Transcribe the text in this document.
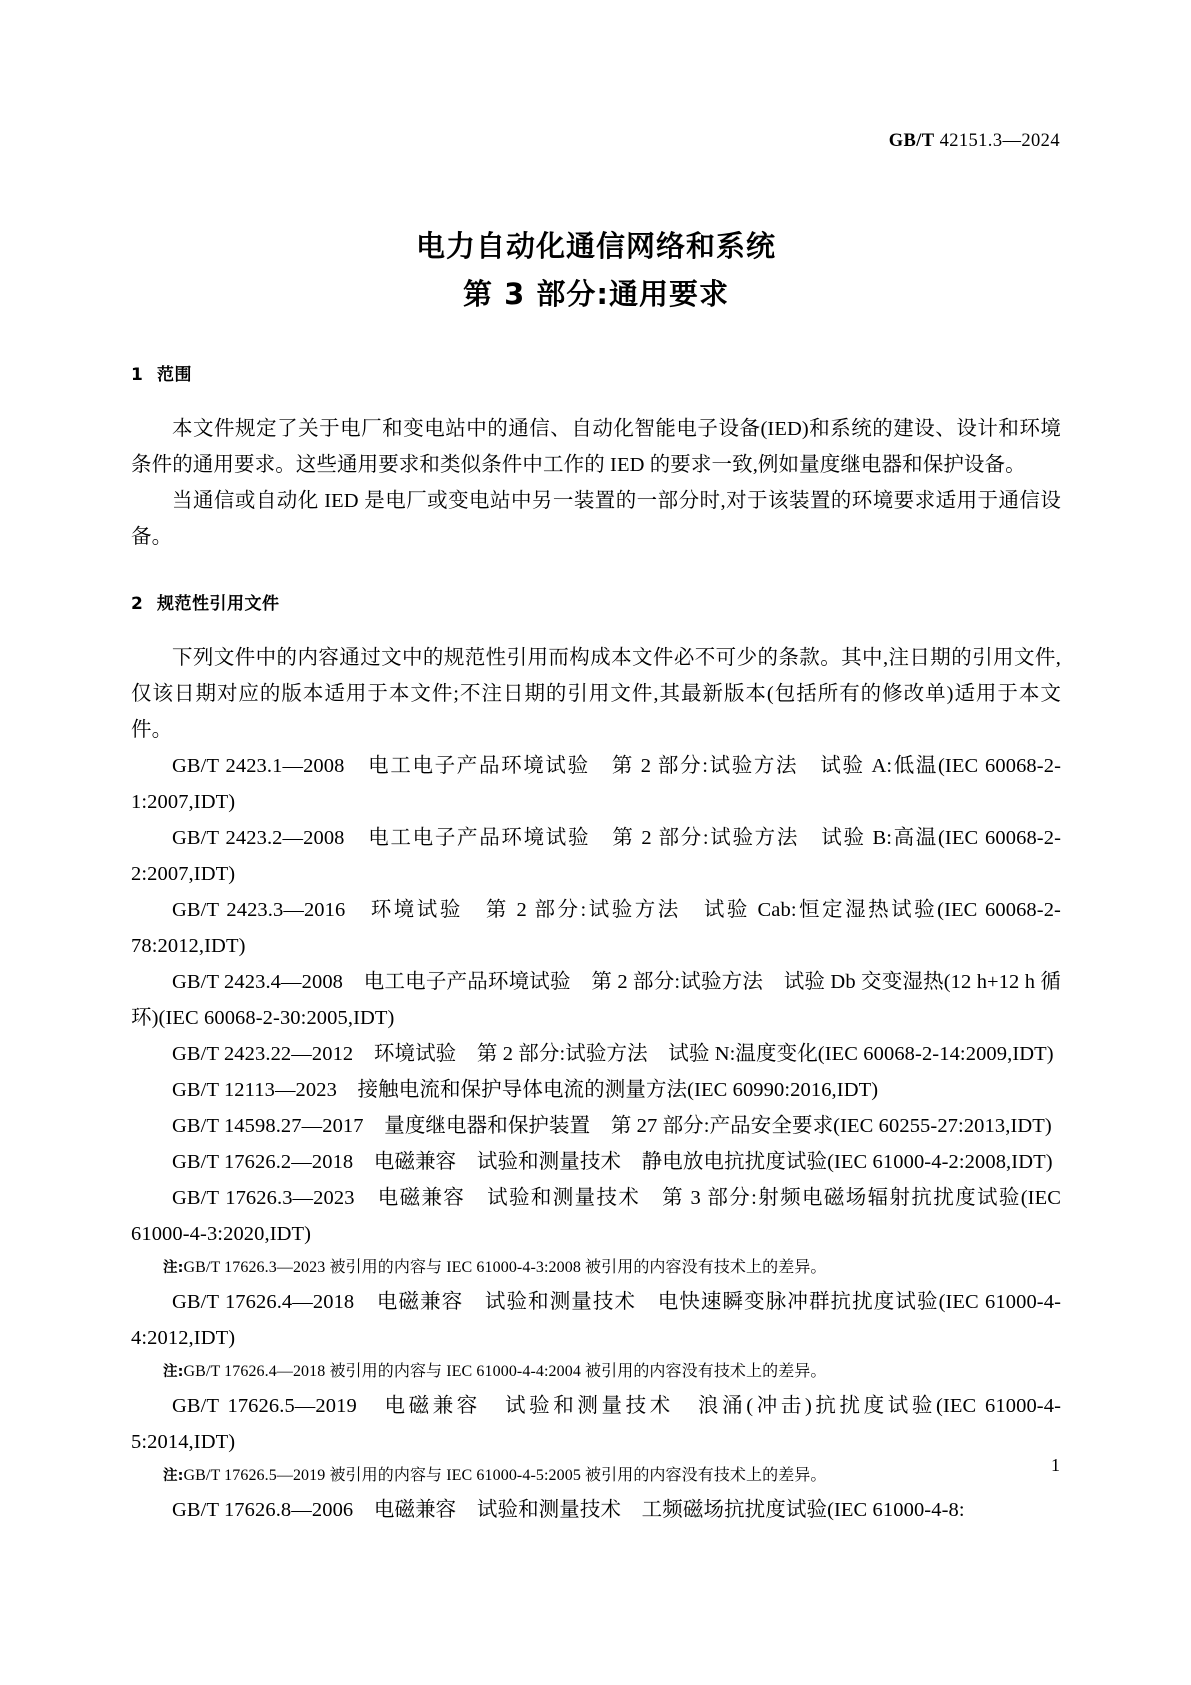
GB/T 42151.3—2024
电力自动化通信网络和系统
第 3 部分:通用要求
1 范围

本文件规定了关于电厂和变电站中的通信、自动化智能电子设备(IED)和系统的建设、设计和环境条件的通用要求。这些通用要求和类似条件中工作的 IED 的要求一致,例如量度继电器和保护设备。

当通信或自动化 IED 是电厂或变电站中另一装置的一部分时,对于该装置的环境要求适用于通信设备。

2 规范性引用文件

下列文件中的内容通过文中的规范性引用而构成本文件必不可少的条款。其中,注日期的引用文件,仅该日期对应的版本适用于本文件;不注日期的引用文件,其最新版本(包括所有的修改单)适用于本文件。

GB/T 2423.1—2008　电工电子产品环境试验　第 2 部分:试验方法　试验 A:低温(IEC 60068-2-1:2007,IDT)

GB/T 2423.2—2008　电工电子产品环境试验　第 2 部分:试验方法　试验 B:高温(IEC 60068-2-2:2007,IDT)

GB/T 2423.3—2016　环境试验　第 2 部分:试验方法　试验 Cab:恒定湿热试验(IEC 60068-2-78:2012,IDT)

GB/T 2423.4—2008　电工电子产品环境试验　第 2 部分:试验方法　试验 Db 交变湿热(12 h+12 h 循环)(IEC 60068-2-30:2005,IDT)

GB/T 2423.22—2012　环境试验　第 2 部分:试验方法　试验 N:温度变化(IEC 60068-2-14:2009,IDT)

GB/T 12113—2023　接触电流和保护导体电流的测量方法(IEC 60990:2016,IDT)

GB/T 14598.27—2017　量度继电器和保护装置　第 27 部分:产品安全要求(IEC 60255-27:2013,IDT)

GB/T 17626.2—2018　电磁兼容　试验和测量技术　静电放电抗扰度试验(IEC 61000-4-2:2008,IDT)

GB/T 17626.3—2023　电磁兼容　试验和测量技术　第 3 部分:射频电磁场辐射抗扰度试验(IEC 61000-4-3:2020,IDT)

注:GB/T 17626.3—2023 被引用的内容与 IEC 61000-4-3:2008 被引用的内容没有技术上的差异。

GB/T 17626.4—2018　电磁兼容　试验和测量技术　电快速瞬变脉冲群抗扰度试验(IEC 61000-4-4:2012,IDT)

注:GB/T 17626.4—2018 被引用的内容与 IEC 61000-4-4:2004 被引用的内容没有技术上的差异。

GB/T 17626.5—2019　电磁兼容　试验和测量技术　浪涌(冲击)抗扰度试验(IEC 61000-4-5:2014,IDT)

注:GB/T 17626.5—2019 被引用的内容与 IEC 61000-4-5:2005 被引用的内容没有技术上的差异。

GB/T 17626.8—2006　电磁兼容　试验和测量技术　工频磁场抗扰度试验(IEC 61000-4-8:

1
